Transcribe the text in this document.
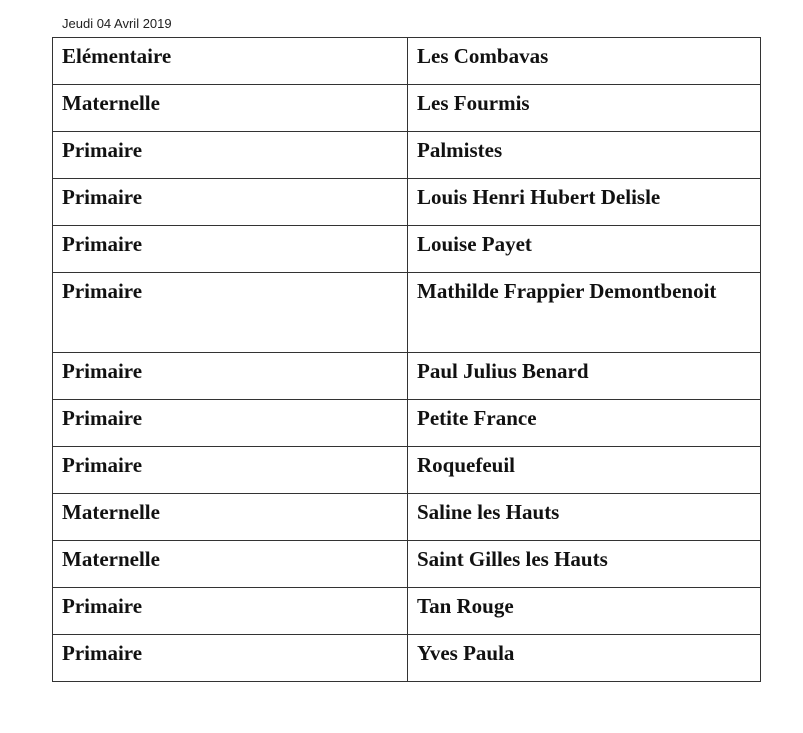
Jeudi 04 Avril 2019
Elémentaire	Les Combavas
Maternelle	Les Fourmis
Primaire	Palmistes
Primaire	Louis Henri Hubert Delisle
Primaire	Louise Payet
Primaire	Mathilde Frappier Demontbenoit
Primaire	Paul Julius Benard
Primaire	Petite France
Primaire	Roquefeuil
Maternelle	Saline les Hauts
Maternelle	Saint Gilles les Hauts
Primaire	Tan Rouge
Primaire	Yves Paula
